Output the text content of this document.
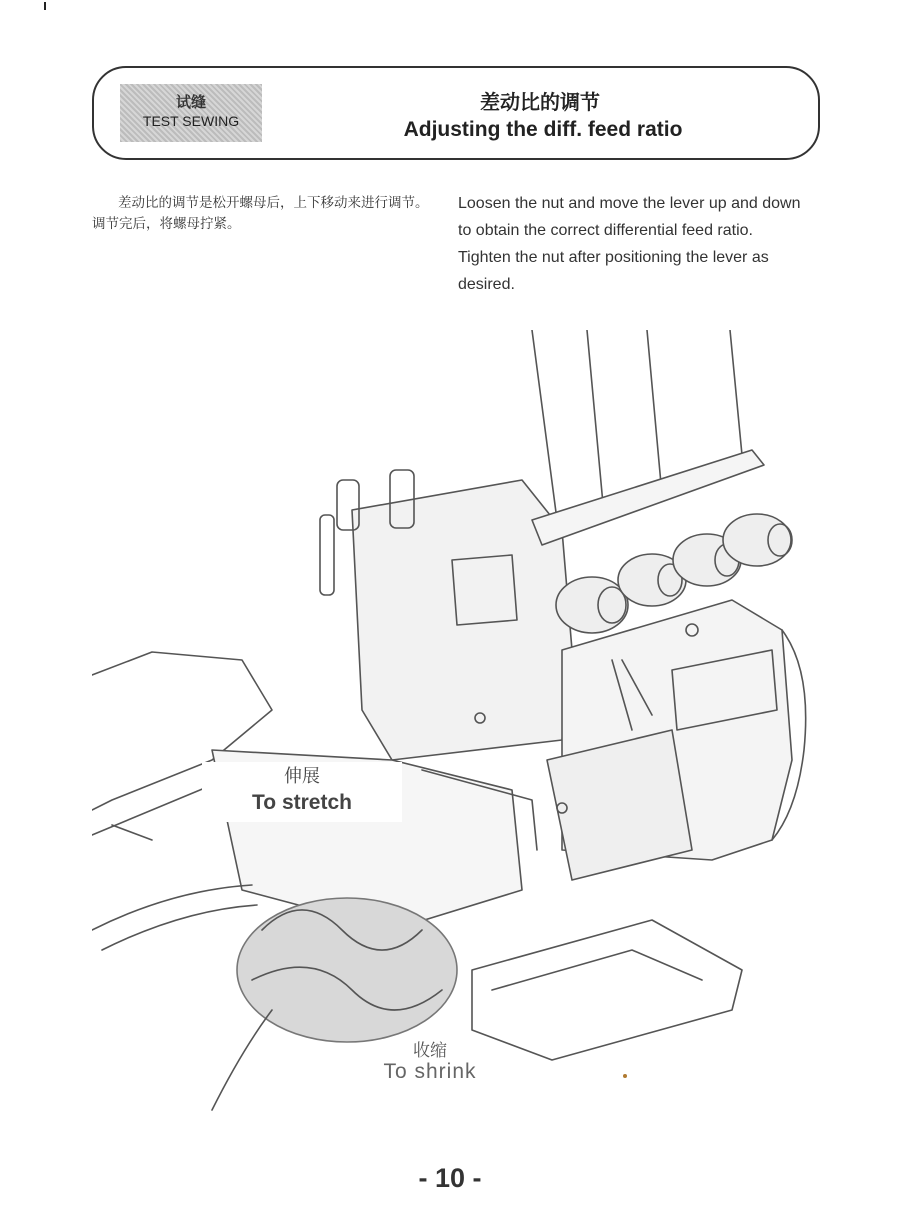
试缝
TEST SEWING
差动比的调节
Adjusting the diff. feed ratio
差动比的调节是松开螺母后，上下移动来进行调节。调节完后，将螺母拧紧。

Loosen the nut and move the lever up and down to obtain the correct differential feed ratio.

Tighten the nut after positioning the lever as desired.

伸展
To stretch
收缩
To shrink
- 10 -
